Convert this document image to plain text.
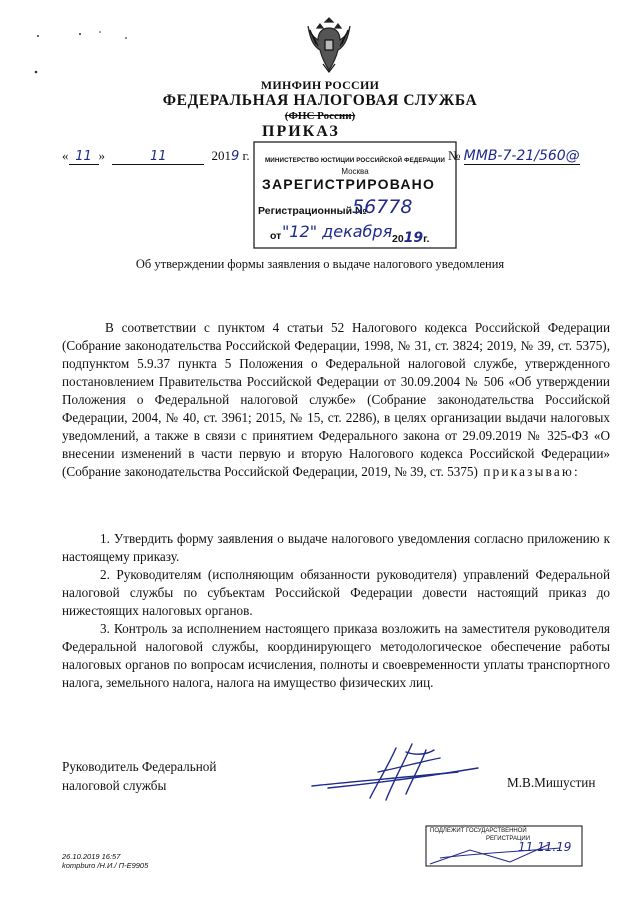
МИНФИН РОССИИ
ФЕДЕРАЛЬНАЯ НАЛОГОВАЯ СЛУЖБА
(ФНС России)
ПРИКАЗ
« 11 »	11	2019 г.	№ ММВ-7-21/560@
МИНИСТЕРСТВО ЮСТИЦИИ РОССИЙСКОЙ ФЕДЕРАЦИИ
Москва
ЗАРЕГИСТРИРОВАНО
Регистрационный №
56778
от "12" декабря 2019г.
Об утверждении формы заявления о выдаче налогового уведомления
В соответствии с пунктом 4 статьи 52 Налогового кодекса Российской Федерации (Собрание законодательства Российской Федерации, 1998, № 31, ст. 3824; 2019, № 39, ст. 5375), подпунктом 5.9.37 пункта 5 Положения о Федеральной налоговой службе, утвержденного постановлением Правительства Российской Федерации от 30.09.2004 № 506 «Об утверждении Положения о Федеральной налоговой службе» (Собрание законодательства Российской Федерации, 2004, № 40, ст. 3961; 2015, № 15, ст. 2286), в целях организации выдачи налоговых уведомлений, а также в связи с принятием Федерального закона от 29.09.2019 № 325-ФЗ «О внесении изменений в части первую и вторую Налогового кодекса Российской Федерации» (Собрание законодательства Российской Федерации, 2019, № 39, ст. 5375) приказываю:
1. Утвердить форму заявления о выдаче налогового уведомления согласно приложению к настоящему приказу.
2. Руководителям (исполняющим обязанности руководителя) управлений Федеральной налоговой службы по субъектам Российской Федерации довести настоящий приказ до нижестоящих налоговых органов.
3. Контроль за исполнением настоящего приказа возложить на заместителя руководителя Федеральной налоговой службы, координирующего методологическое обеспечение работы налоговых органов по вопросам исчисления, полноты и своевременности уплаты транспортного налога, земельного налога, налога на имущество физических лиц.
Руководитель Федеральной
налоговой службы	М.В.Мишустин
26.10.2019 16:57
kompburo /Н.И./ П-Е9905
ПОДЛЕЖИТ ГОСУДАРСТВЕННОЙ
РЕГИСТРАЦИИ
11.11.19
